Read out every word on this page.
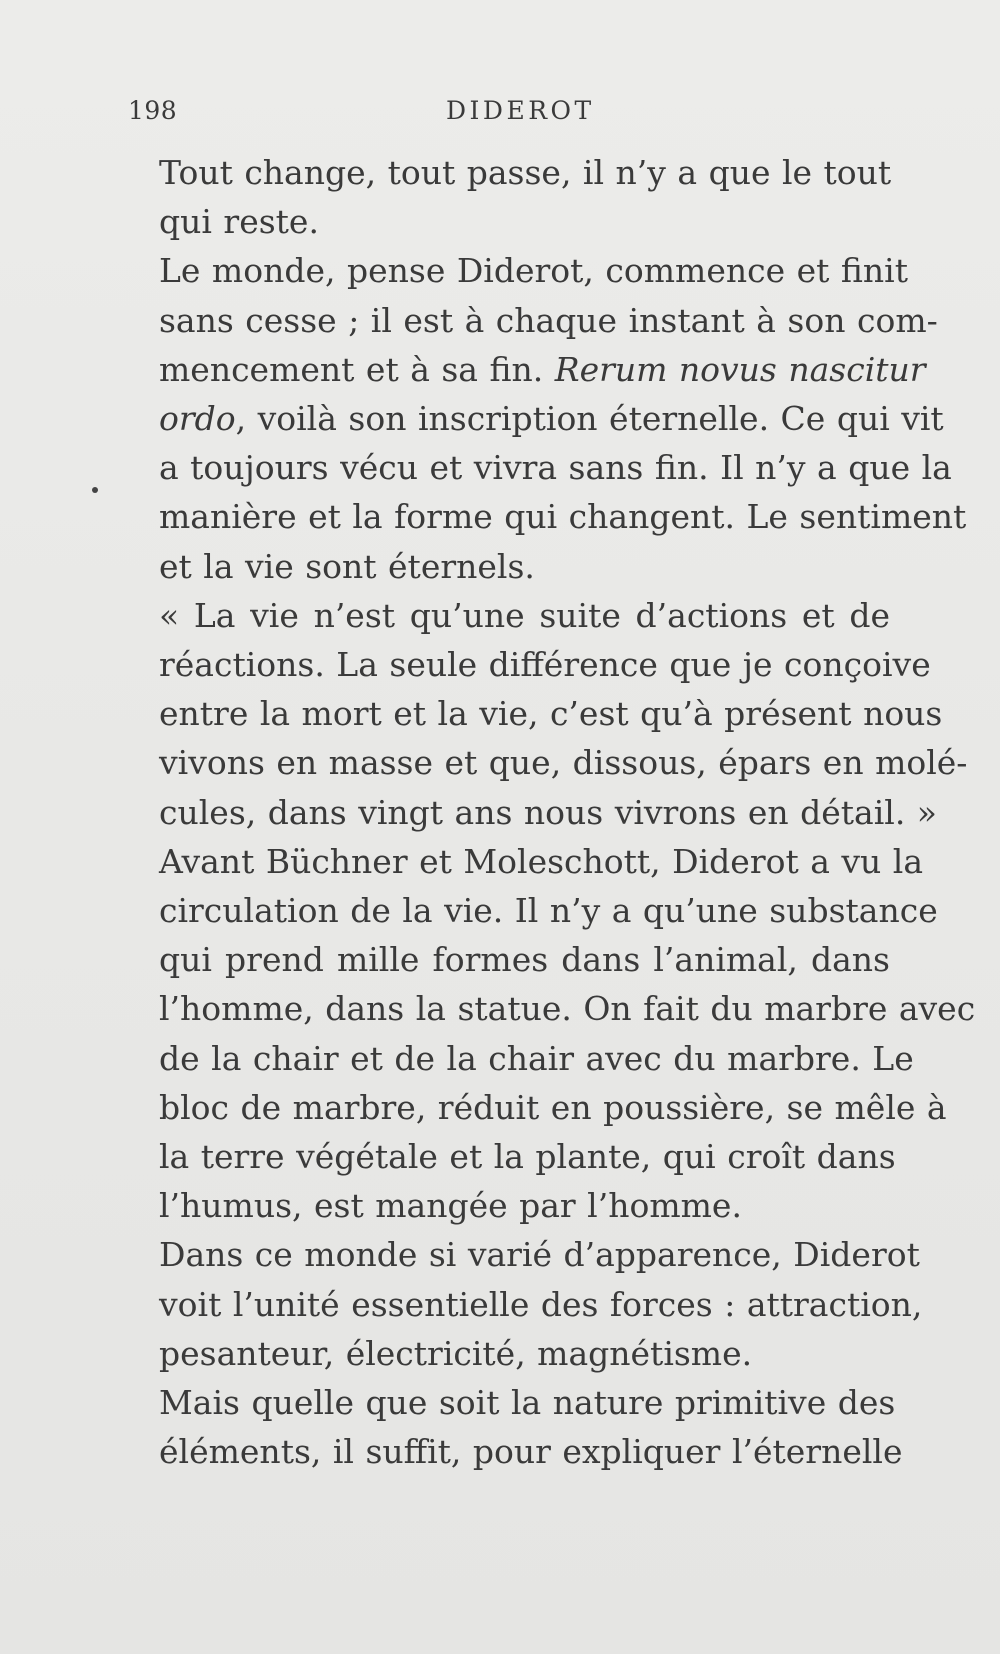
198	DIDEROT

Tout change, tout passe, il n’y a que le tout
qui reste.

Le monde, pense Diderot, commence et finit
sans cesse ; il est à chaque instant à son com-
mencement et à sa fin. Rerum novus nascitur
ordo, voilà son inscription éternelle. Ce qui vit
a toujours vécu et vivra sans fin. Il n’y a que la
manière et la forme qui changent. Le sentiment
et la vie sont éternels.

« La vie n’est qu’une suite d’actions et de
réactions. La seule différence que je conçoive
entre la mort et la vie, c’est qu’à présent nous
vivons en masse et que, dissous, épars en molé-
cules, dans vingt ans nous vivrons en détail. »

Avant Büchner et Moleschott, Diderot a vu la
circulation de la vie. Il n’y a qu’une substance
qui prend mille formes dans l’animal, dans
l’homme, dans la statue. On fait du marbre avec
de la chair et de la chair avec du marbre. Le
bloc de marbre, réduit en poussière, se mêle à
la terre végétale et la plante, qui croît dans
l’humus, est mangée par l’homme.

Dans ce monde si varié d’apparence, Diderot
voit l’unité essentielle des forces : attraction,
pesanteur, électricité, magnétisme.

Mais quelle que soit la nature primitive des
éléments, il suffit, pour expliquer l’éternelle
